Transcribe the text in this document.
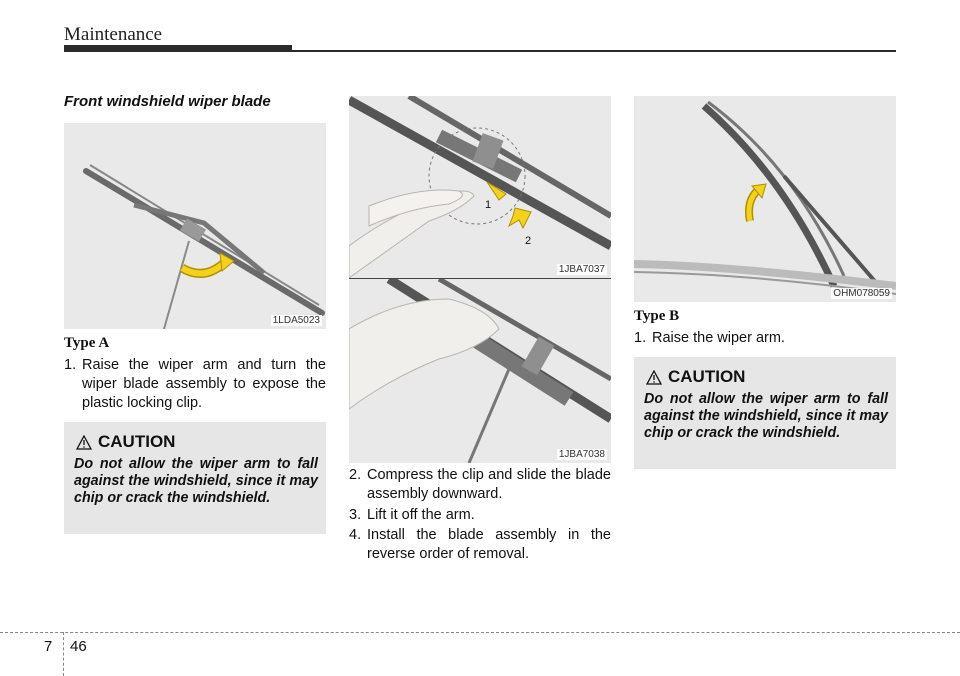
Maintenance
Front windshield wiper blade
1LDA5023
Type A
1. Raise the wiper arm and turn the wiper blade assembly to expose the plastic locking clip.
CAUTION
Do not allow the wiper arm to fall against the windshield, since it may chip or crack the windshield.
1
2
1JBA7037
1JBA7038
2. Compress the clip and slide the blade assembly downward.
3. Lift it off the arm.
4. Install the blade assembly in the reverse order of removal.
OHM078059
Type B
1. Raise the wiper arm.
CAUTION
Do not allow the wiper arm to fall against the windshield, since it may chip or crack the windshield.
7 46
